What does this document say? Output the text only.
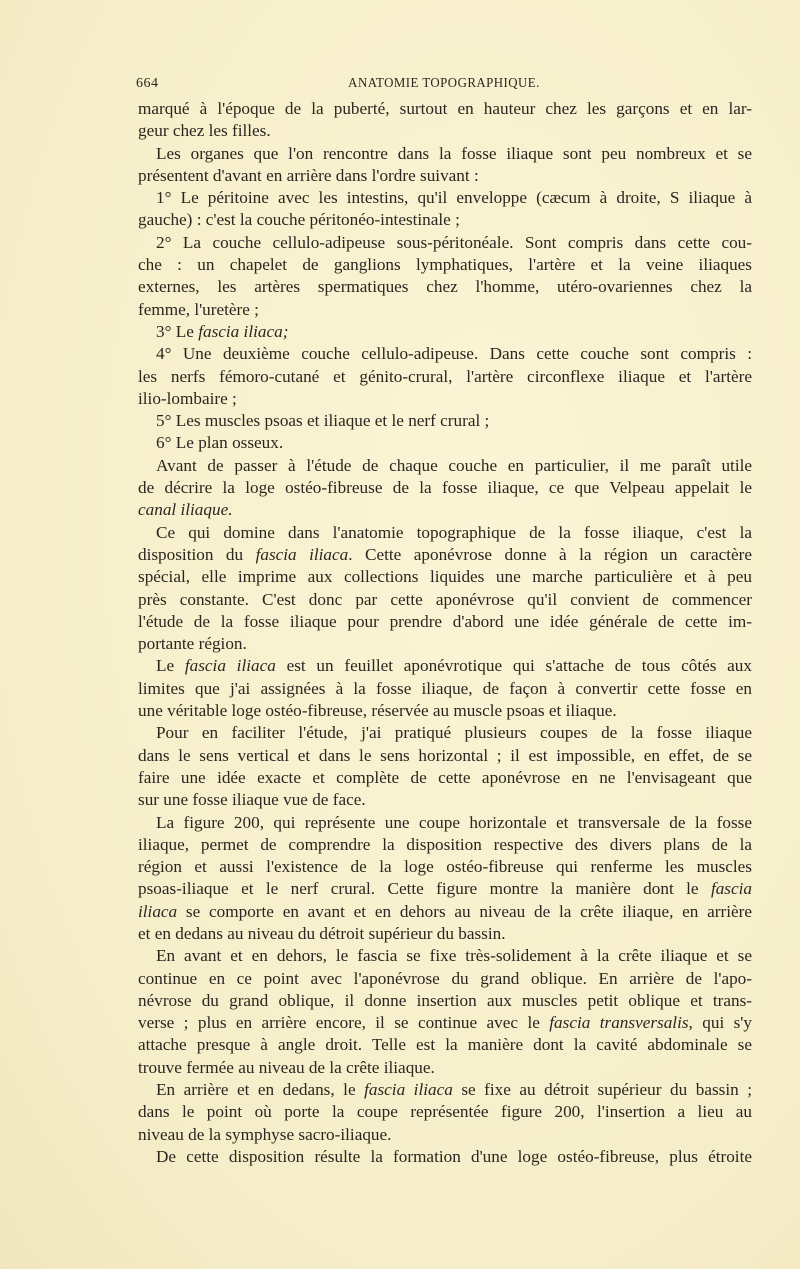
664	ANATOMIE TOPOGRAPHIQUE.
marqué à l'époque de la puberté, surtout en hauteur chez les garçons et en lar-
geur chez les filles.
Les organes que l'on rencontre dans la fosse iliaque sont peu nombreux et se
présentent d'avant en arrière dans l'ordre suivant :
1° Le péritoine avec les intestins, qu'il enveloppe (cæcum à droite, S iliaque à
gauche) : c'est la couche péritonéo-intestinale ;
2° La couche cellulo-adipeuse sous-péritonéale. Sont compris dans cette cou-
che : un chapelet de ganglions lymphatiques, l'artère et la veine iliaques
externes, les artères spermatiques chez l'homme, utéro-ovariennes chez la
femme, l'uretère ;
3° Le fascia iliaca;
4° Une deuxième couche cellulo-adipeuse. Dans cette couche sont compris :
les nerfs fémoro-cutané et génito-crural, l'artère circonflexe iliaque et l'artère
ilio-lombaire ;
5° Les muscles psoas et iliaque et le nerf crural ;
6° Le plan osseux.
Avant de passer à l'étude de chaque couche en particulier, il me paraît utile
de décrire la loge ostéo-fibreuse de la fosse iliaque, ce que Velpeau appelait le
canal iliaque.
Ce qui domine dans l'anatomie topographique de la fosse iliaque, c'est la
disposition du fascia iliaca. Cette aponévrose donne à la région un caractère
spécial, elle imprime aux collections liquides une marche particulière et à peu
près constante. C'est donc par cette aponévrose qu'il convient de commencer
l'étude de la fosse iliaque pour prendre d'abord une idée générale de cette im-
portante région.
Le fascia iliaca est un feuillet aponévrotique qui s'attache de tous côtés aux
limites que j'ai assignées à la fosse iliaque, de façon à convertir cette fosse en
une véritable loge ostéo-fibreuse, réservée au muscle psoas et iliaque.
Pour en faciliter l'étude, j'ai pratiqué plusieurs coupes de la fosse iliaque
dans le sens vertical et dans le sens horizontal ; il est impossible, en effet, de se
faire une idée exacte et complète de cette aponévrose en ne l'envisageant que
sur une fosse iliaque vue de face.
La figure 200, qui représente une coupe horizontale et transversale de la fosse
iliaque, permet de comprendre la disposition respective des divers plans de la
région et aussi l'existence de la loge ostéo-fibreuse qui renferme les muscles
psoas-iliaque et le nerf crural. Cette figure montre la manière dont le fascia
iliaca se comporte en avant et en dehors au niveau de la crête iliaque, en arrière
et en dedans au niveau du détroit supérieur du bassin.
En avant et en dehors, le fascia se fixe très-solidement à la crête iliaque et se
continue en ce point avec l'aponévrose du grand oblique. En arrière de l'apo-
névrose du grand oblique, il donne insertion aux muscles petit oblique et trans-
verse ; plus en arrière encore, il se continue avec le fascia transversalis, qui s'y
attache presque à angle droit. Telle est la manière dont la cavité abdominale se
trouve fermée au niveau de la crête iliaque.
En arrière et en dedans, le fascia iliaca se fixe au détroit supérieur du bassin ;
dans le point où porte la coupe représentée figure 200, l'insertion a lieu au
niveau de la symphyse sacro-iliaque.
De cette disposition résulte la formation d'une loge ostéo-fibreuse, plus étroite
